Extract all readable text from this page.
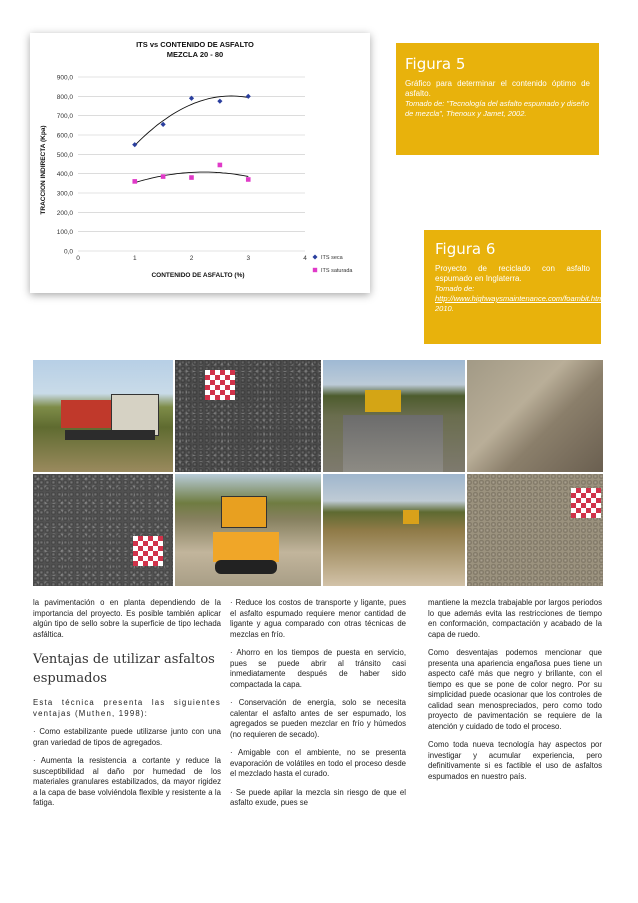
ITS vs CONTENIDO DE ASFALTO
MEZCLA 20 - 80
TRACCION INDIRECTA (Kpa)
CONTENIDO DE ASFALTO (%)
0,0
100,0
200,0
300,0
400,0
500,0
600,0
700,0
800,0
900,0
0	1	2	3	4	ITS seca
ITS saturada

Figura 5

Gráfico para determinar el contenido óptimo de asfalto.

Tomado de: "Tecnología del asfalto espumado y diseño de mezcla", Thenoux y Jamet, 2002.

Figura 6

Proyecto de reciclado con asfalto espumado en Inglaterra.

Tomado de:

http://www.highwaysmaintenance.com/foambit.htm, 2010.

la pavimentación o en planta dependiendo de la importancia del proyecto. Es posible también aplicar algún tipo de sello sobre la superficie de tipo lechada asfáltica.

Ventajas de utilizar asfaltos espumados

Esta técnica presenta las siguientes ventajas (Muthen, 1998):

· Como estabilizante puede utilizarse junto con una gran variedad de tipos de agregados.

· Aumenta la resistencia a cortante y reduce la susceptibilidad al daño por humedad de los materiales granulares estabilizados, da mayor rigidez a la capa de base volviéndola flexible y resistente a la fatiga.

· Reduce los costos de transporte y ligante, pues el asfalto espumado requiere menor cantidad de ligante y agua comparado con otras técnicas de mezclas en frío.

· Ahorro en los tiempos de puesta en servicio, pues se puede abrir al tránsito casi inmediatamente después de haber sido compactada la capa.

· Conservación de energía, solo se necesita calentar el asfalto antes de ser espumado, los agregados se pueden mezclar en frío y húmedos (no requieren de secado).

· Amigable con el ambiente, no se presenta evaporación de volátiles en todo el proceso desde el mezclado hasta el curado.

· Se puede apilar la mezcla sin riesgo de que el asfalto exude, pues se

mantiene la mezcla trabajable por largos periodos lo que además evita las restricciones de tiempo en conformación, compactación y acabado de la capa de ruedo.

Como desventajas podemos mencionar que presenta una apariencia engañosa pues tiene un aspecto café más que negro y brillante, con el tiempo es que se pone de color negro. Por su simplicidad puede ocasionar que los controles de calidad sean menospreciados, pero como todo proyecto de pavimentación se requiere de la atención y cuidado de todo el proceso.

Como toda nueva tecnología hay aspectos por investigar y acumular experiencia, pero definitivamente si es factible el uso de asfaltos espumados en nuestro país.
